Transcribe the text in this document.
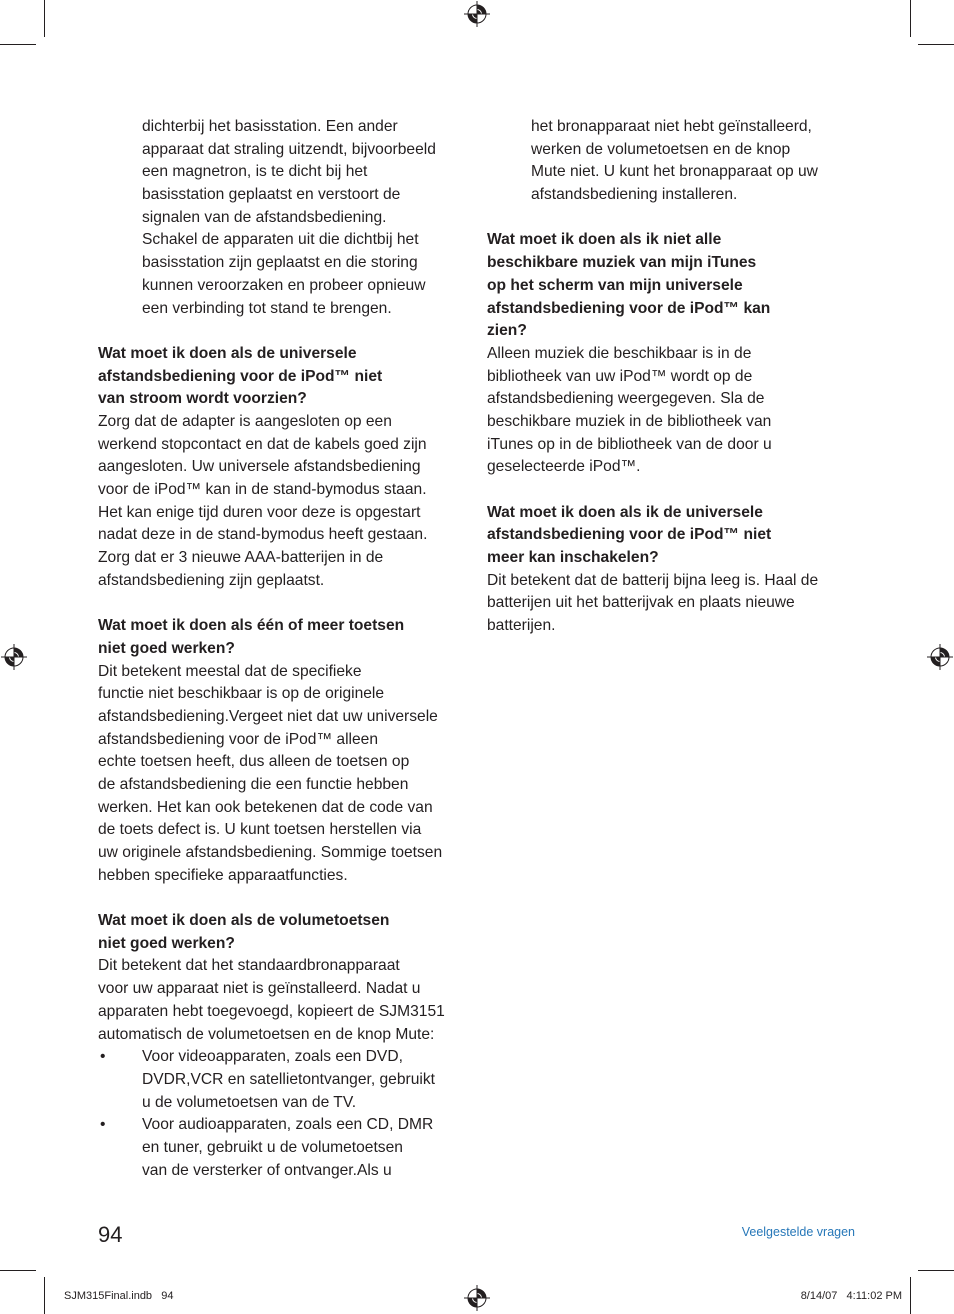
dichterbij het basisstation. Een ander
apparaat dat straling uitzendt, bijvoorbeeld
een magnetron, is te dicht bij het
basisstation geplaatst en verstoort de
signalen van de afstandsbediening.
Schakel de apparaten uit die dichtbij het
basisstation zijn geplaatst en die storing
kunnen veroorzaken en probeer opnieuw
een verbinding tot stand te brengen.
Wat moet ik doen als de universele
afstandsbediening voor de iPod™ niet
van stroom wordt voorzien?
Zorg dat de adapter is aangesloten op een
werkend stopcontact en dat de kabels goed zijn
aangesloten. Uw universele afstandsbediening
voor de iPod™ kan in de stand-bymodus staan.
Het kan enige tijd duren voor deze is opgestart
nadat deze in de stand-bymodus heeft gestaan.
Zorg dat er 3 nieuwe AAA-batterijen in de
afstandsbediening zijn geplaatst.
Wat moet ik doen als één of meer toetsen
niet goed werken?
Dit betekent meestal dat de specifieke
functie niet beschikbaar is op de originele
afstandsbediening.Vergeet niet dat uw universele
afstandsbediening voor de iPod™ alleen
echte toetsen heeft, dus alleen de toetsen op
de afstandsbediening die een functie hebben
werken. Het kan ook betekenen dat de code van
de toets defect is. U kunt toetsen herstellen via
uw originele afstandsbediening. Sommige toetsen
hebben specifieke apparaatfuncties.
Wat moet ik doen als de volumetoetsen
niet goed werken?
Dit betekent dat het standaardbronapparaat
voor uw apparaat niet is geïnstalleerd. Nadat u
apparaten hebt toegevoegd, kopieert de SJM3151
automatisch de volumetoetsen en de knop Mute:
•	Voor videoapparaten, zoals een DVD,
DVDR,VCR en satellietontvanger, gebruikt
u de volumetoetsen van de TV.
•	Voor audioapparaten, zoals een CD, DMR
en tuner, gebruikt u de volumetoetsen
van de versterker of ontvanger.Als u
het bronapparaat niet hebt geïnstalleerd,
werken de volumetoetsen en de knop
Mute niet. U kunt het bronapparaat op uw
afstandsbediening installeren.
Wat moet ik doen als ik niet alle
beschikbare muziek van mijn iTunes
op het scherm van mijn universele
afstandsbediening voor de iPod™ kan
zien?
Alleen muziek die beschikbaar is in de
bibliotheek van uw iPod™ wordt op de
afstandsbediening weergegeven. Sla de
beschikbare muziek in de bibliotheek van
iTunes op in de bibliotheek van de door u
geselecteerde iPod™.
Wat moet ik doen als ik de universele
afstandsbediening voor de iPod™ niet
meer kan inschakelen?
Dit betekent dat de batterij bijna leeg is. Haal de
batterijen uit het batterijvak en plaats nieuwe
batterijen.
94	Veelgestelde vragen
SJM315Final.indb   94	8/14/07   4:11:02 PM
